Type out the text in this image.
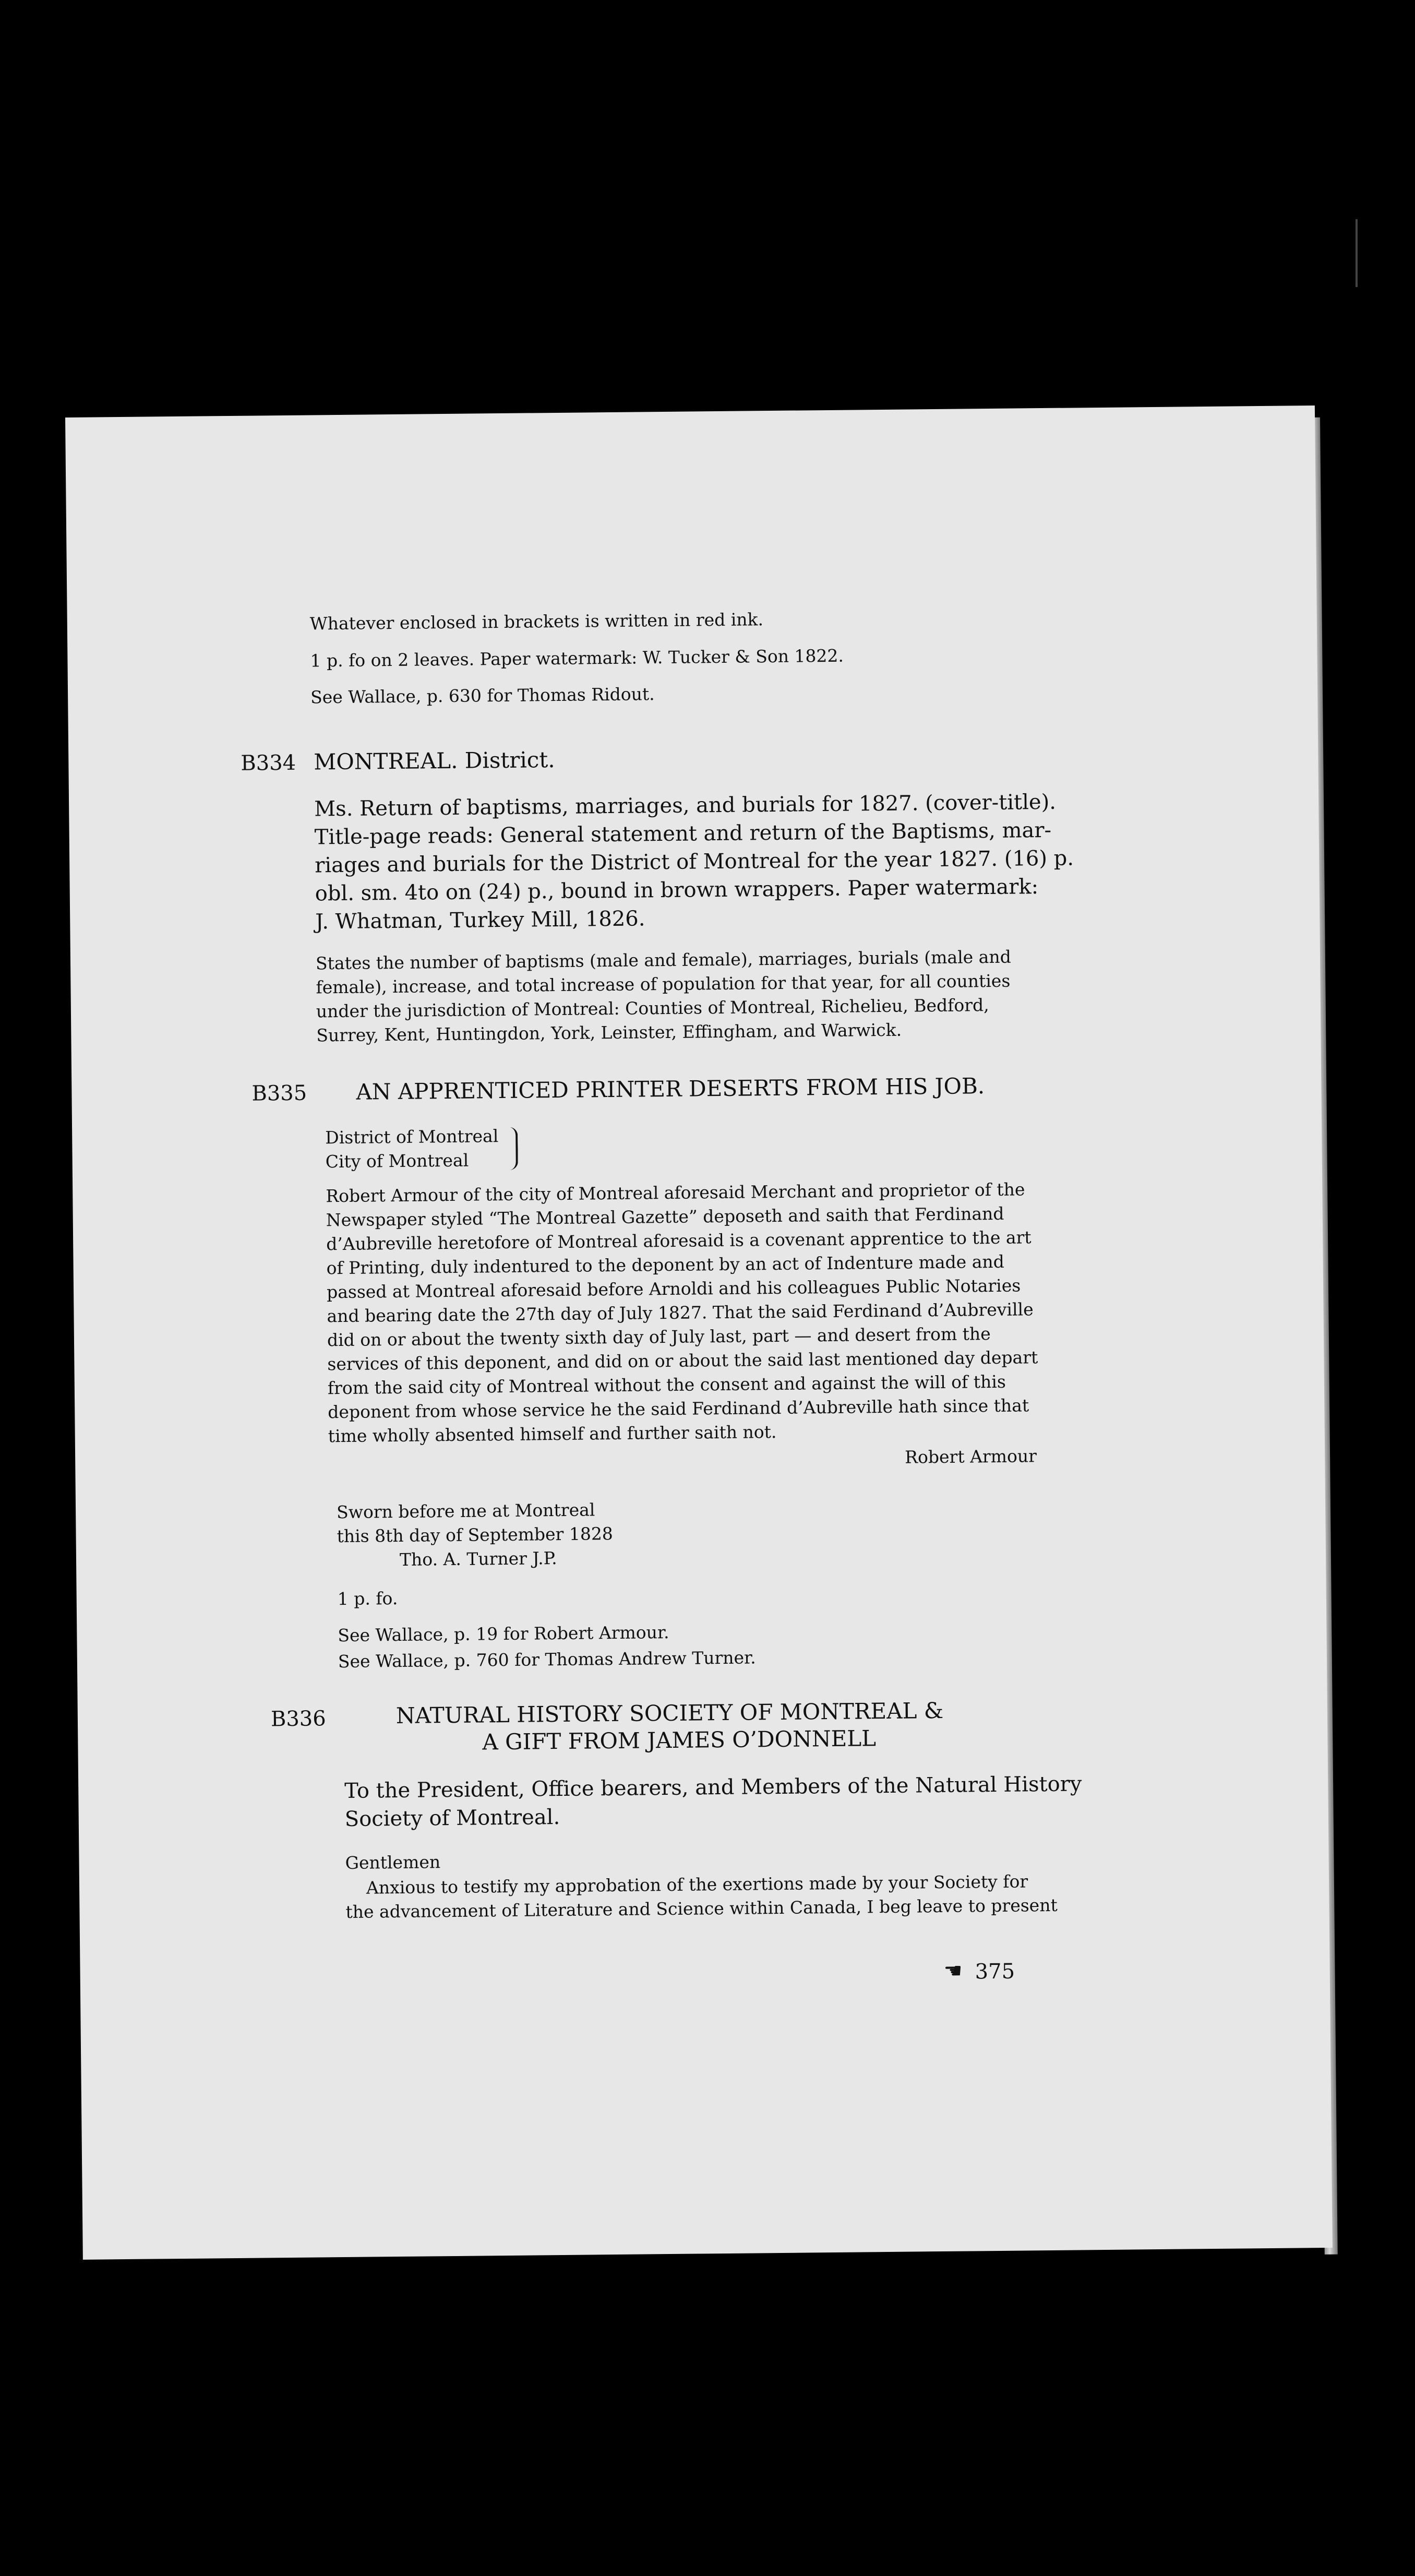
Whatever enclosed in brackets is written in red ink.
1 p. fo on 2 leaves. Paper watermark: W. Tucker & Son 1822.
See Wallace, p. 630 for Thomas Ridout.
B334 MONTREAL. District.
Ms. Return of baptisms, marriages, and burials for 1827. (cover-title).
Title-page reads: General statement and return of the Baptisms, mar-
riages and burials for the District of Montreal for the year 1827. (16) p.
obl. sm. 4to on (24) p., bound in brown wrappers. Paper watermark:
J. Whatman, Turkey Mill, 1826.
States the number of baptisms (male and female), marriages, burials (male and
female), increase, and total increase of population for that year, for all counties
under the jurisdiction of Montreal: Counties of Montreal, Richelieu, Bedford,
Surrey, Kent, Huntingdon, York, Leinster, Effingham, and Warwick.
B335 AN APPRENTICED PRINTER DESERTS FROM HIS JOB.
District of Montreal
City of Montreal
Robert Armour of the city of Montreal aforesaid Merchant and proprietor of the
Newspaper styled “The Montreal Gazette” deposeth and saith that Ferdinand
d’Aubreville heretofore of Montreal aforesaid is a covenant apprentice to the art
of Printing, duly indentured to the deponent by an act of Indenture made and
passed at Montreal aforesaid before Arnoldi and his colleagues Public Notaries
and bearing date the 27th day of July 1827. That the said Ferdinand d’Aubreville
did on or about the twenty sixth day of July last, part — and desert from the
services of this deponent, and did on or about the said last mentioned day depart
from the said city of Montreal without the consent and against the will of this
deponent from whose service he the said Ferdinand d’Aubreville hath since that
time wholly absented himself and further saith not.
Robert Armour
Sworn before me at Montreal
this 8th day of September 1828
Tho. A. Turner J.P.
1 p. fo.
See Wallace, p. 19 for Robert Armour.
See Wallace, p. 760 for Thomas Andrew Turner.
B336	NATURAL HISTORY SOCIETY OF MONTREAL &
A GIFT FROM JAMES O’DONNELL
To the President, Office bearers, and Members of the Natural History
Society of Montreal.
Gentlemen
Anxious to testify my approbation of the exertions made by your Society for
the advancement of Literature and Science within Canada, I beg leave to present
☚ 375
